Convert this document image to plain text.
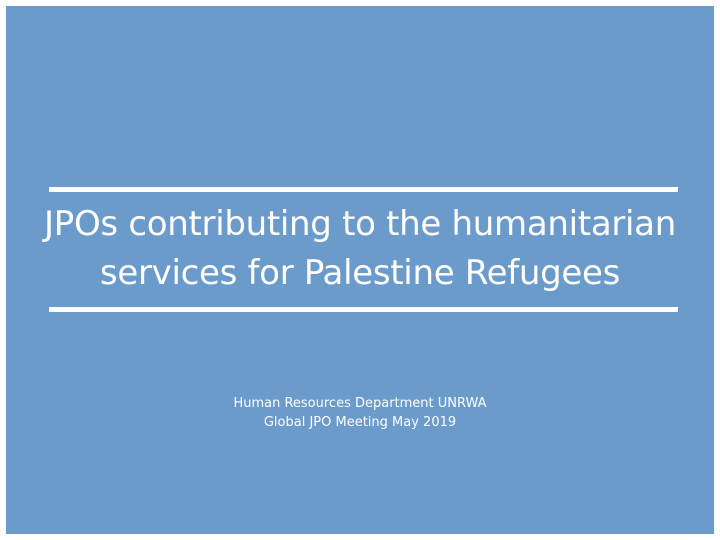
JPOs contributing to the humanitarian
services for Palestine Refugees
Human Resources Department UNRWA
Global JPO Meeting May 2019
